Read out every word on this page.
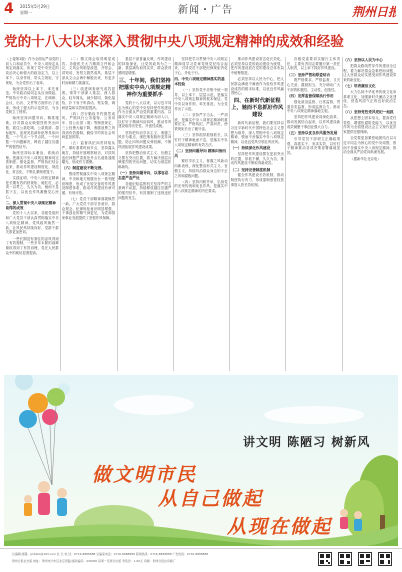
4 2015年5月29日
星期一	新闻・广告	荆州日报
党的十八大以来深入贯彻中央八项规定精神的成效和经验

（上接第1版）作为全面从严治党的切入口和动员令，中央八项规定从制定到落实，体现了党中央坚定的政治决心和强大的政治定力，以上率下、以身作则，带头立规矩、守规矩，为全党作出了表率。

始终坚持以上率下、率先垂范。中央政治局同志从自身做起，严格执行中央八项规定，在调研、会议、出访、文件等方面作出了表率，形成了强大的示范效应，为全党树立了榜样。

始终坚持问题导向、精准施策。针对群众反映强烈的突出问题，抓住公款吃喝、公款旅游、超标配车、违规发放津补贴等具体问题，一个节点一个节点抓，一个问题一个问题解决，释放了越往后越严的强烈信号。

始终坚持标本兼治、系统治理。把落实中央八项规定精神同完善制度、强化监督、严格执纪结合起来，推动作风建设制度化、规范化、常态化，不断扎紧制度笼子。

实践证明，中央八项规定精神是长期有效的铁规矩、硬杠杠，必须一以贯之、久久为功，驰而不息抓下去，以优良作风凝聚党心民心。

二、深入贯彻中央八项规定精神取得的成效

党的十八大以来，各级党组织和广大党员干部认真贯彻落实中央八项规定精神，党风政风焕然一新，社风民风持续向好，党群干群关系更加密切。

一些长期没有刹住的歪风得到了有效遏制，一些多年未除的顽瘴痼疾得到了有效治理，党在人民群众中的威信显著提高。

（二）精文简会取得明显成效。各级机关大力精简文件和会议，文风会风明显改进，开短会、讲短话、发短文蔚然成风，基层干部从文山会海中解脱出来，有更多时间和精力抓落实。

（三）改进调查研究成效显著。领导干部深入基层、深入群众，轻车简从，减少陪同，简化接待，扑下身子听真话、察实情，调研质量和实效明显提高。

（四）厉行勤俭节约蔚然成风。严格执行公务接待、公务用车、因公出国（境）等制度规定，三公经费大幅下降，奢靡浪费之风得到有效遏制，勤俭节约的社会风尚更加浓厚。

（五）监督执纪问责持续从严。紧盯重要时间节点，坚持露头就打，持续开展明察暗访，对顶风违纪问题严肃查处并点名道姓通报曝光，形成有力震慑。

（六）制度建设不断完善。

围绕贯彻落实中央八项规定精神，中央和地方相继出台一系列配套制度，形成了比较完备的作风建设制度体系，推动作风建设有章可循、有规可依。

（七）党员干部精神面貌焕然一新。广大党员干部宗旨意识、群众观念、纪律规矩意识明显增强，干事创业的精气神更足，为党和国家事业发展提供了坚强作风保障。

基层干部普遍反映，作风建设的持续深化，让党风政风为之一新，基层减负取得实效，群众获得感明显增强。

三、十年间，我们坚持把落实中央八项规定精神作为重要抓手

党的十八大以来，以习近平同志为核心的党中央坚持把作风建设作为全面从严治党的重要内容，以落实中央八项规定精神为切入口，以钉钉子精神纠治四风，推动作风建设取得历史性、开创性成就。

坚持把纠治享乐主义、奢靡之风作为重点，深挖细查隐形变异问题，防止四风问题反弹回潮，不断巩固拓展作风建设成果。

坚持把整治形式主义、官僚主义摆在突出位置，着力解决基层反映强烈的突出问题，切实为基层松绑减负。

（一）坚持问题导向，以零容忍态度严查严处

各级纪检监察机关坚持严的主基调不动摇，持续释放越往后越严的强烈信号，有效遏制了违规违纪问题的发生。

坚持把学习贯彻中央八项规定精神同学习党章党规党纪结合起来，引导党员干部把纪律规矩内化于心、外化于行。

四、中央八项规定精神落实的基本经验

（一）坚持党中央集中统一领导，以上率下、层层示范，是落实中央八项规定精神的根本保证。党中央以身作则、率先垂范，为全党作出了示范。

（二）坚持严字当头、一严到底，是落实中央八项规定精神的重要法宝。严格执纪，严肃问责，使铁规矩长出了硬牙齿。

（三）坚持抓常抓细抓长，以钉钉子精神驰而不息，是落实中央八项规定精神的有效方法。

（二）坚持问题导向 精准纠治四风

紧盯享乐主义、奢靡之风新动向新表现，深化整治形式主义、官僚主义，持续纠治群众身边的不正之风和腐败问题。

（四）坚持纠树并举，弘扬党的光荣传统和优良作风，是落实中央八项规定精神的内在要求。

推动作风建设常态化长效化，必须坚持以党的政治建设为统领，把作风建设放在党的建设总体布局中统筹推进。

必须坚持以人民为中心，把人民群众满意不满意作为检验作风建设成效的根本标准，以优良作风赢得民心。

四、在新时代新征程上，驰而不息抓好作风建设

新时代新征程，我们要坚持以习近平新时代中国特色社会主义思想为指导，深入贯彻中央八项规定精神，锲而不舍落实中央八项规定精神，以优良党风引领社风民风。

（一）持续深化作风建设

坚持把作风建设摆在更加突出的位置，常抓不懈、久久为功，推动作风建设不断取得新成效。

（二）坚持完善制度机制

健全作风建设长效机制，推动制度执行有力，形成靠制度管权管事管人的长效机制。

各级党委要切实履行主体责任，主要负责同志要履行第一责任人职责，以上率下抓好作风建设。

（三）坚持严管和厚爱结合

既严格要求、严格监督，又关心关爱、激励担当，充分调动广大干部的积极性、主动性、创造性。

（四）发挥监督保障执行作用

强化政治监督、日常监督，贯通各类监督，形成监督合力，推动中央八项规定精神落地生根。

坚持把作风建设同深化改革、推动发展结合起来，以作风建设新成效凝聚干事创业强大合力。

（五）坚持以优良作风服务发展

引导党员干部树立正确政绩观，真抓实干、务求实效，以钉钉子精神推动各项决策部署落地见效。

（六）坚持以人民为中心

把群众路线贯穿作风建设全过程，着力解决群众急难愁盼问题，让人民群众切实感受到作风建设带来的新变化。

（七）培育廉洁文化

大力弘扬中华优秀传统文化和革命文化，加强新时代廉洁文化建设，营造风清气正的良好政治生态。

（八）坚持党性党风党纪一起抓

从思想上固本培元，提高党性觉悟，增强拒腐防变能力，以优良作风为全面建设社会主义现代化国家提供坚强保障。

全党要更加紧密地团结在以习近平同志为核心的党中央周围，锲而不舍落实中央八项规定精神，推动全面从严治党向纵深发展。

（据新华社北京电）

讲文明 陈陋习 树新风
做文明市民
从自己做起
从现在做起
总编辑 邮箱：jzrbzbs@163.com 社 长 电 话：0716-8888888 总编室电话：0716-8888888 新闻热线：0716-8888888 广告热线：0716-8888888
荆州日报社出版 地址：荆州市沙市区北京西路 邮政编码：434000 每周一至周日出版 零售价：1.00元 印刷：荆州日报社印刷厂
